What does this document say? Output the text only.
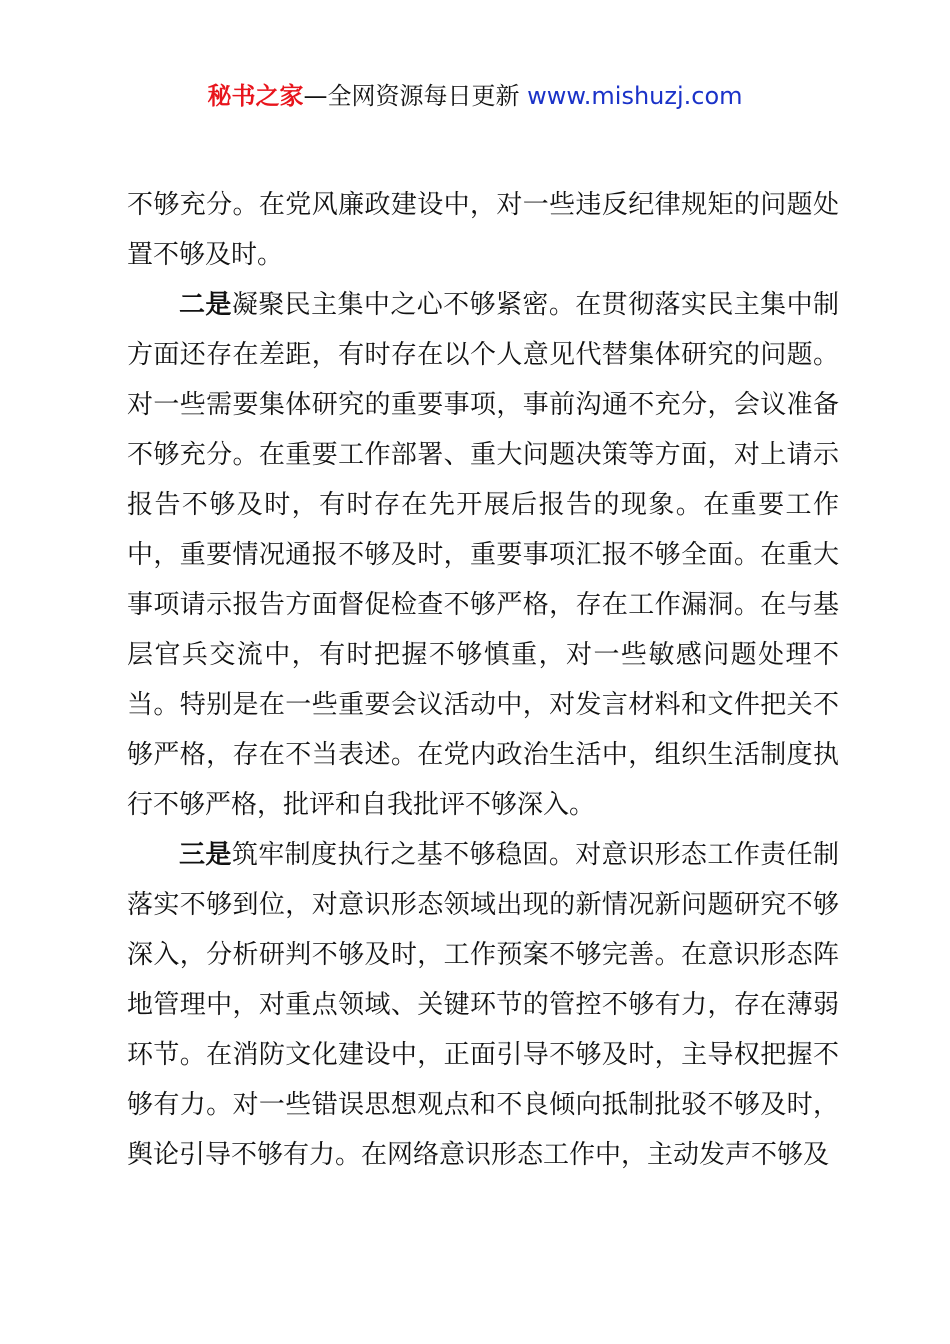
秘书之家—全网资源每日更新 www.mishuzj.com

不够充分。在党风廉政建设中，对一些违反纪律规矩的问题处置不够及时。

二是凝聚民主集中之心不够紧密。在贯彻落实民主集中制方面还存在差距，有时存在以个人意见代替集体研究的问题。对一些需要集体研究的重要事项，事前沟通不充分，会议准备不够充分。在重要工作部署、重大问题决策等方面，对上请示报告不够及时，有时存在先开展后报告的现象。在重要工作中，重要情况通报不够及时，重要事项汇报不够全面。在重大事项请示报告方面督促检查不够严格，存在工作漏洞。在与基层官兵交流中，有时把握不够慎重，对一些敏感问题处理不当。特别是在一些重要会议活动中，对发言材料和文件把关不够严格，存在不当表述。在党内政治生活中，组织生活制度执行不够严格，批评和自我批评不够深入。

三是筑牢制度执行之基不够稳固。对意识形态工作责任制落实不够到位，对意识形态领域出现的新情况新问题研究不够深入，分析研判不够及时，工作预案不够完善。在意识形态阵地管理中，对重点领域、关键环节的管控不够有力，存在薄弱环节。在消防文化建设中，正面引导不够及时，主导权把握不够有力。对一些错误思想观点和不良倾向抵制批驳不够及时，舆论引导不够有力。在网络意识形态工作中，主动发声不够及
